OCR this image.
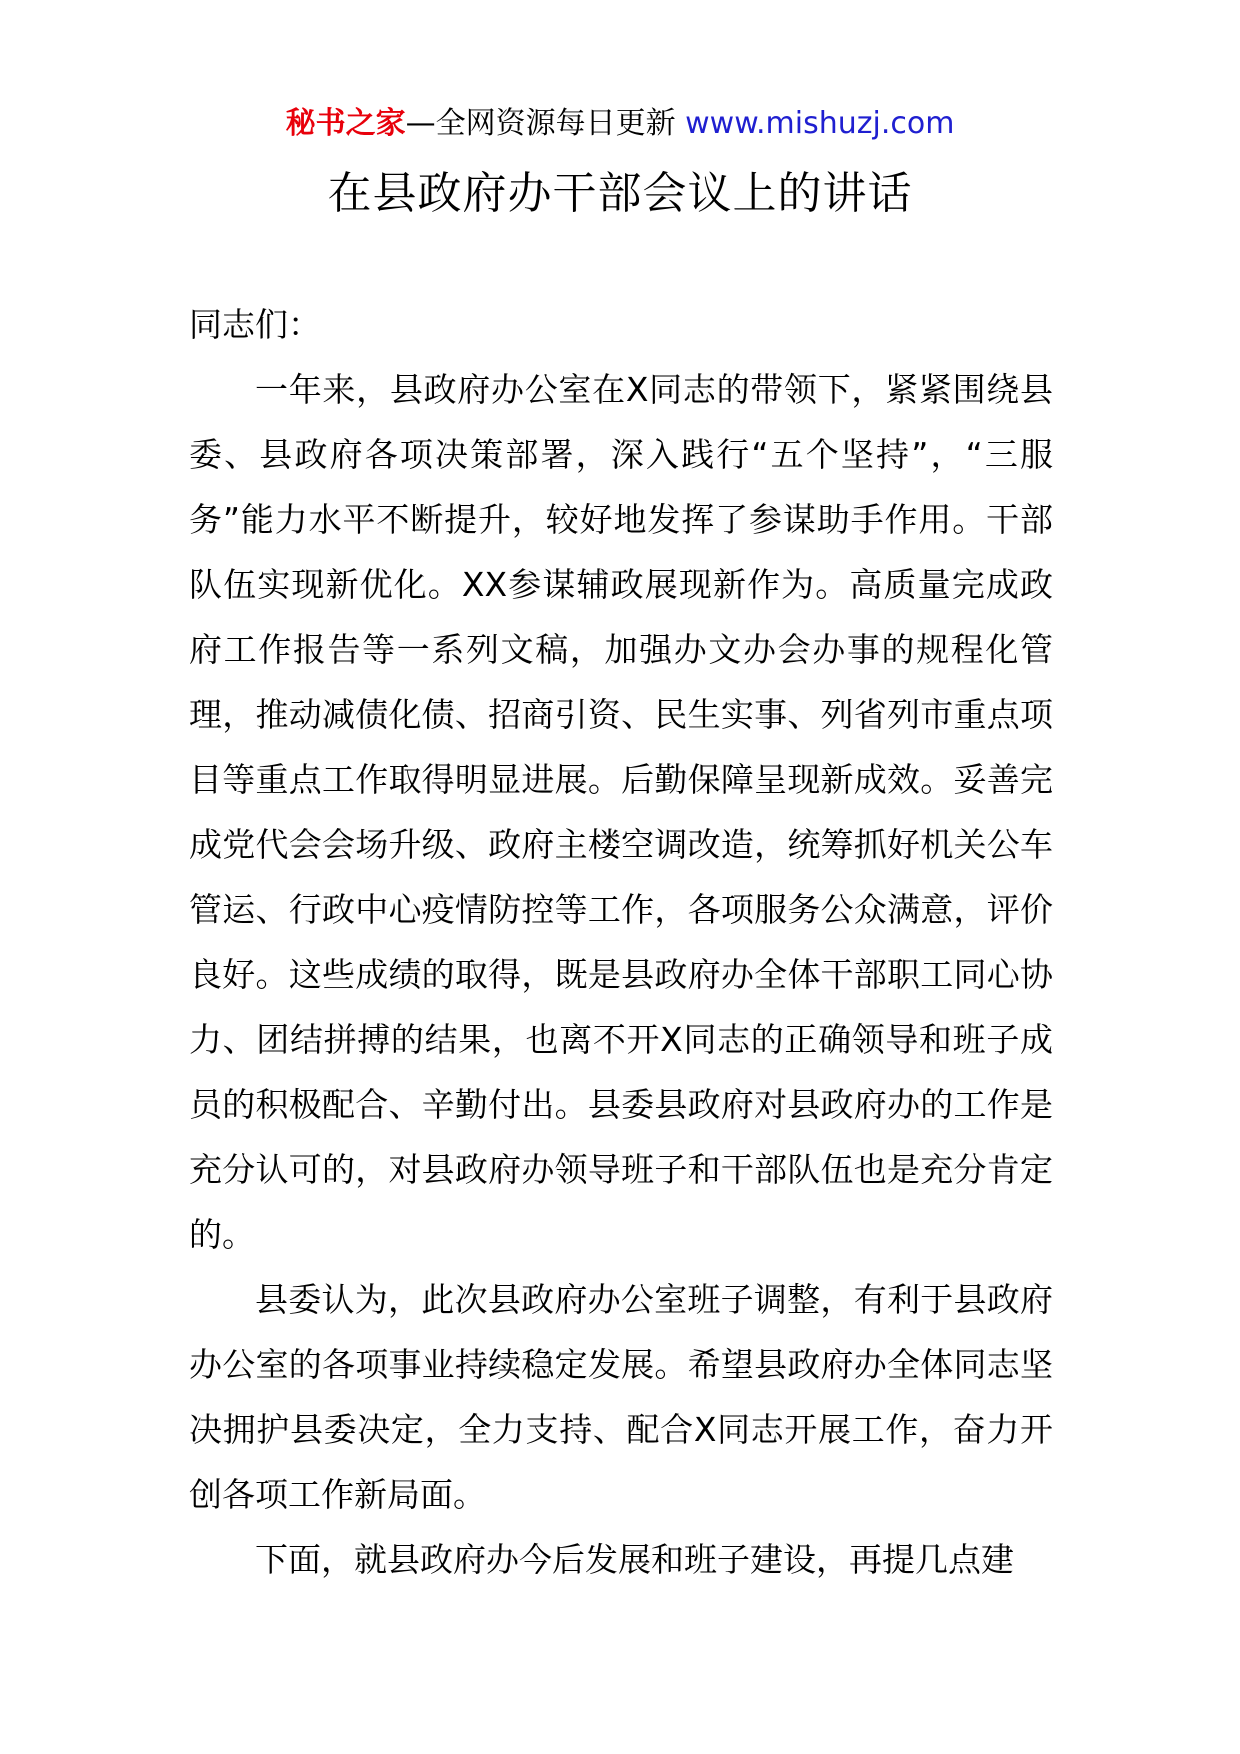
秘书之家—全网资源每日更新 www.mishuzj.com
在县政府办干部会议上的讲话

同志们：

一年来，县政府办公室在X同志的带领下，紧紧围绕县委、县政府各项决策部署，深入践行“五个坚持”，“三服务”能力水平不断提升，较好地发挥了参谋助手作用。干部队伍实现新优化。XX参谋辅政展现新作为。高质量完成政府工作报告等一系列文稿，加强办文办会办事的规程化管理，推动减债化债、招商引资、民生实事、列省列市重点项目等重点工作取得明显进展。后勤保障呈现新成效。妥善完成党代会会场升级、政府主楼空调改造，统筹抓好机关公车管运、行政中心疫情防控等工作，各项服务公众满意，评价良好。这些成绩的取得，既是县政府办全体干部职工同心协力、团结拼搏的结果，也离不开X同志的正确领导和班子成员的积极配合、辛勤付出。县委县政府对县政府办的工作是充分认可的，对县政府办领导班子和干部队伍也是充分肯定的。

县委认为，此次县政府办公室班子调整，有利于县政府办公室的各项事业持续稳定发展。希望县政府办全体同志坚决拥护县委决定，全力支持、配合X同志开展工作，奋力开创各项工作新局面。

下面，就县政府办今后发展和班子建设，再提几点建
